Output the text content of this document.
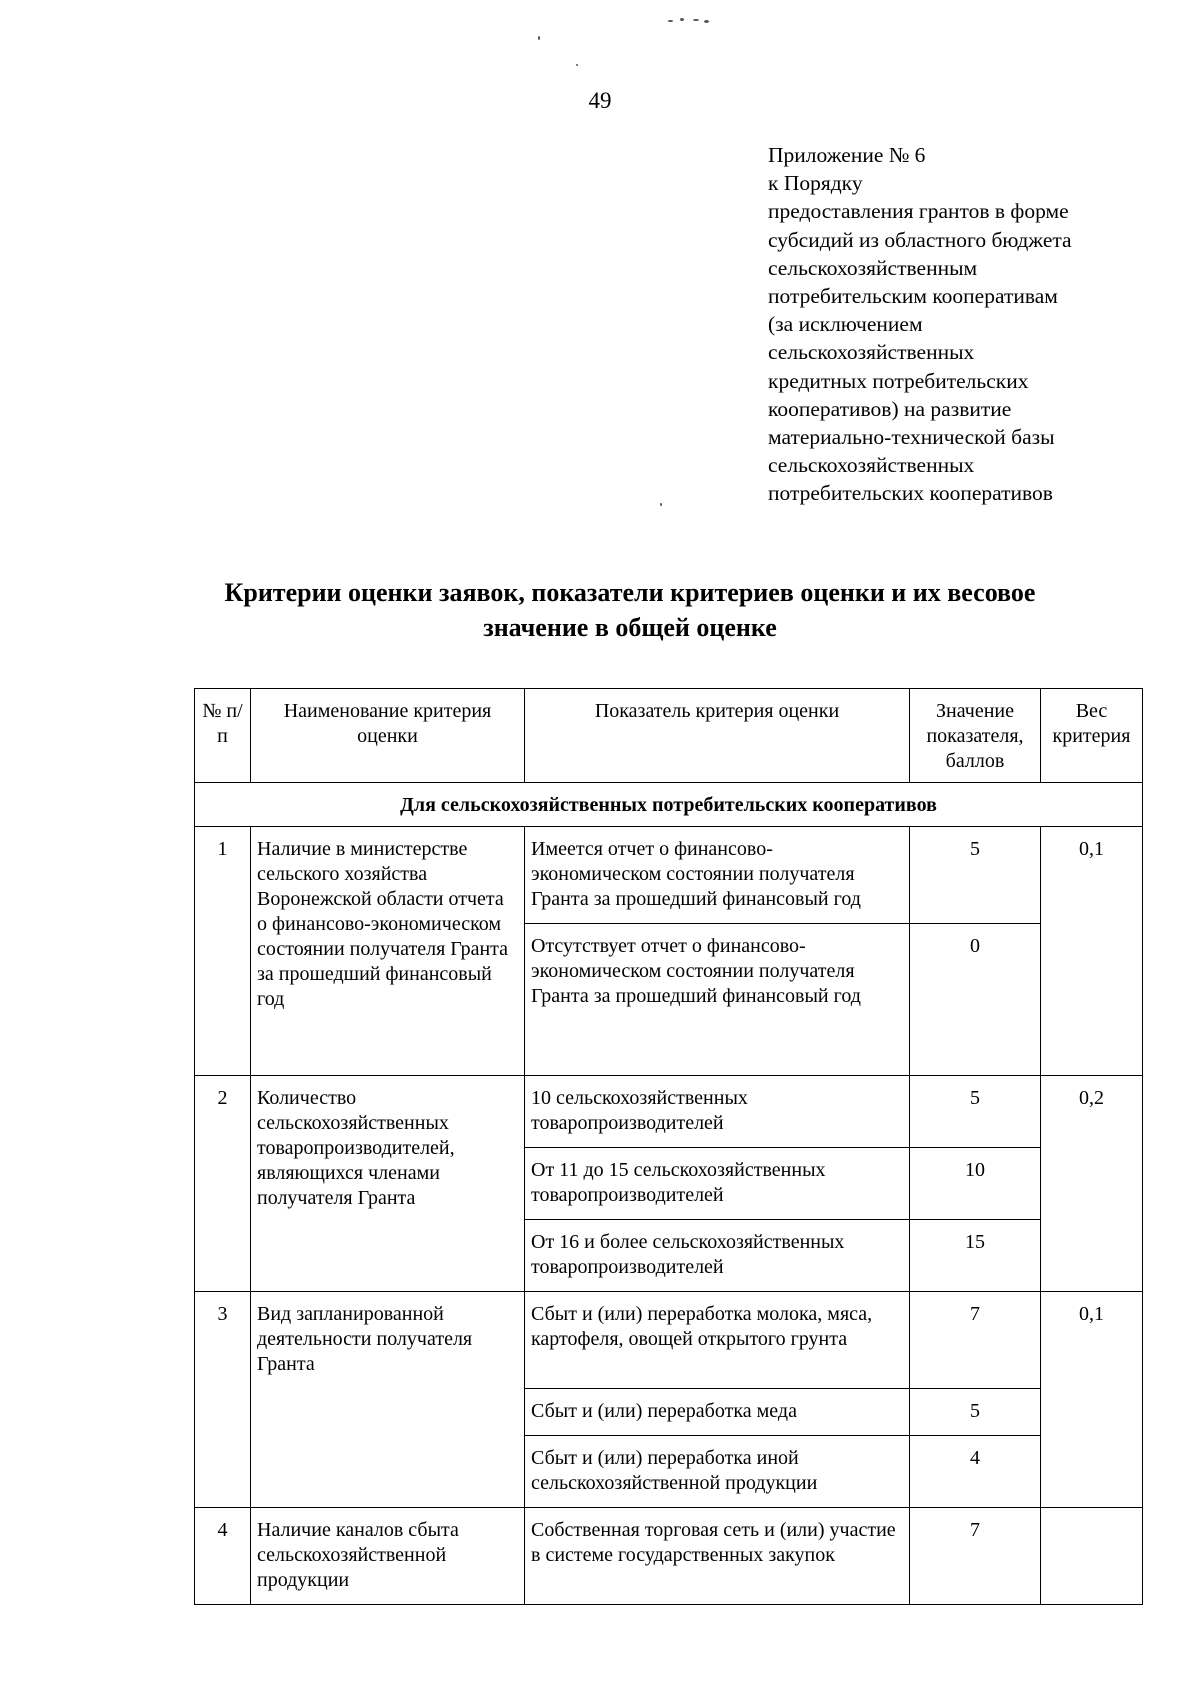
49
Приложение № 6
к Порядку
предоставления грантов в форме
субсидий из областного бюджета
сельскохозяйственным
потребительским кооперативам
(за исключением
сельскохозяйственных
кредитных потребительских
кооперативов) на развитие
материально-технической базы
сельскохозяйственных
потребительских кооперативов
Критерии оценки заявок, показатели критериев оценки и их весовое
значение в общей оценке
№ п/п	Наименование критерия оценки	Показатель критерия оценки	Значение показателя, баллов	Вес критерия
Для сельскохозяйственных потребительских кооперативов				
1	Наличие в министерстве сельского хозяйства Воронежской области отчета о финансово-экономическом состоянии получателя Гранта за прошедший финансовый год	Имеется отчет о финансово-экономическом состоянии получателя Гранта за прошедший финансовый год	5	0,1
		Отсутствует отчет о финансово-экономическом состоянии получателя Гранта за прошедший финансовый год	0	
2	Количество сельскохозяйственных товаропроизводителей, являющихся членами получателя Гранта	10 сельскохозяйственных товаропроизводителей	5	0,2
		От 11 до 15 сельскохозяйственных товаропроизводителей	10	
		От 16 и более сельскохозяйственных товаропроизводителей	15	
3	Вид запланированной деятельности получателя Гранта	Сбыт и (или) переработка молока, мяса, картофеля, овощей открытого грунта	7	0,1
		Сбыт и (или) переработка меда	5	
		Сбыт и (или) переработка иной сельскохозяйственной продукции	4	
4	Наличие каналов сбыта сельскохозяйственной продукции	Собственная торговая сеть и (или) участие в системе государственных закупок	7	
